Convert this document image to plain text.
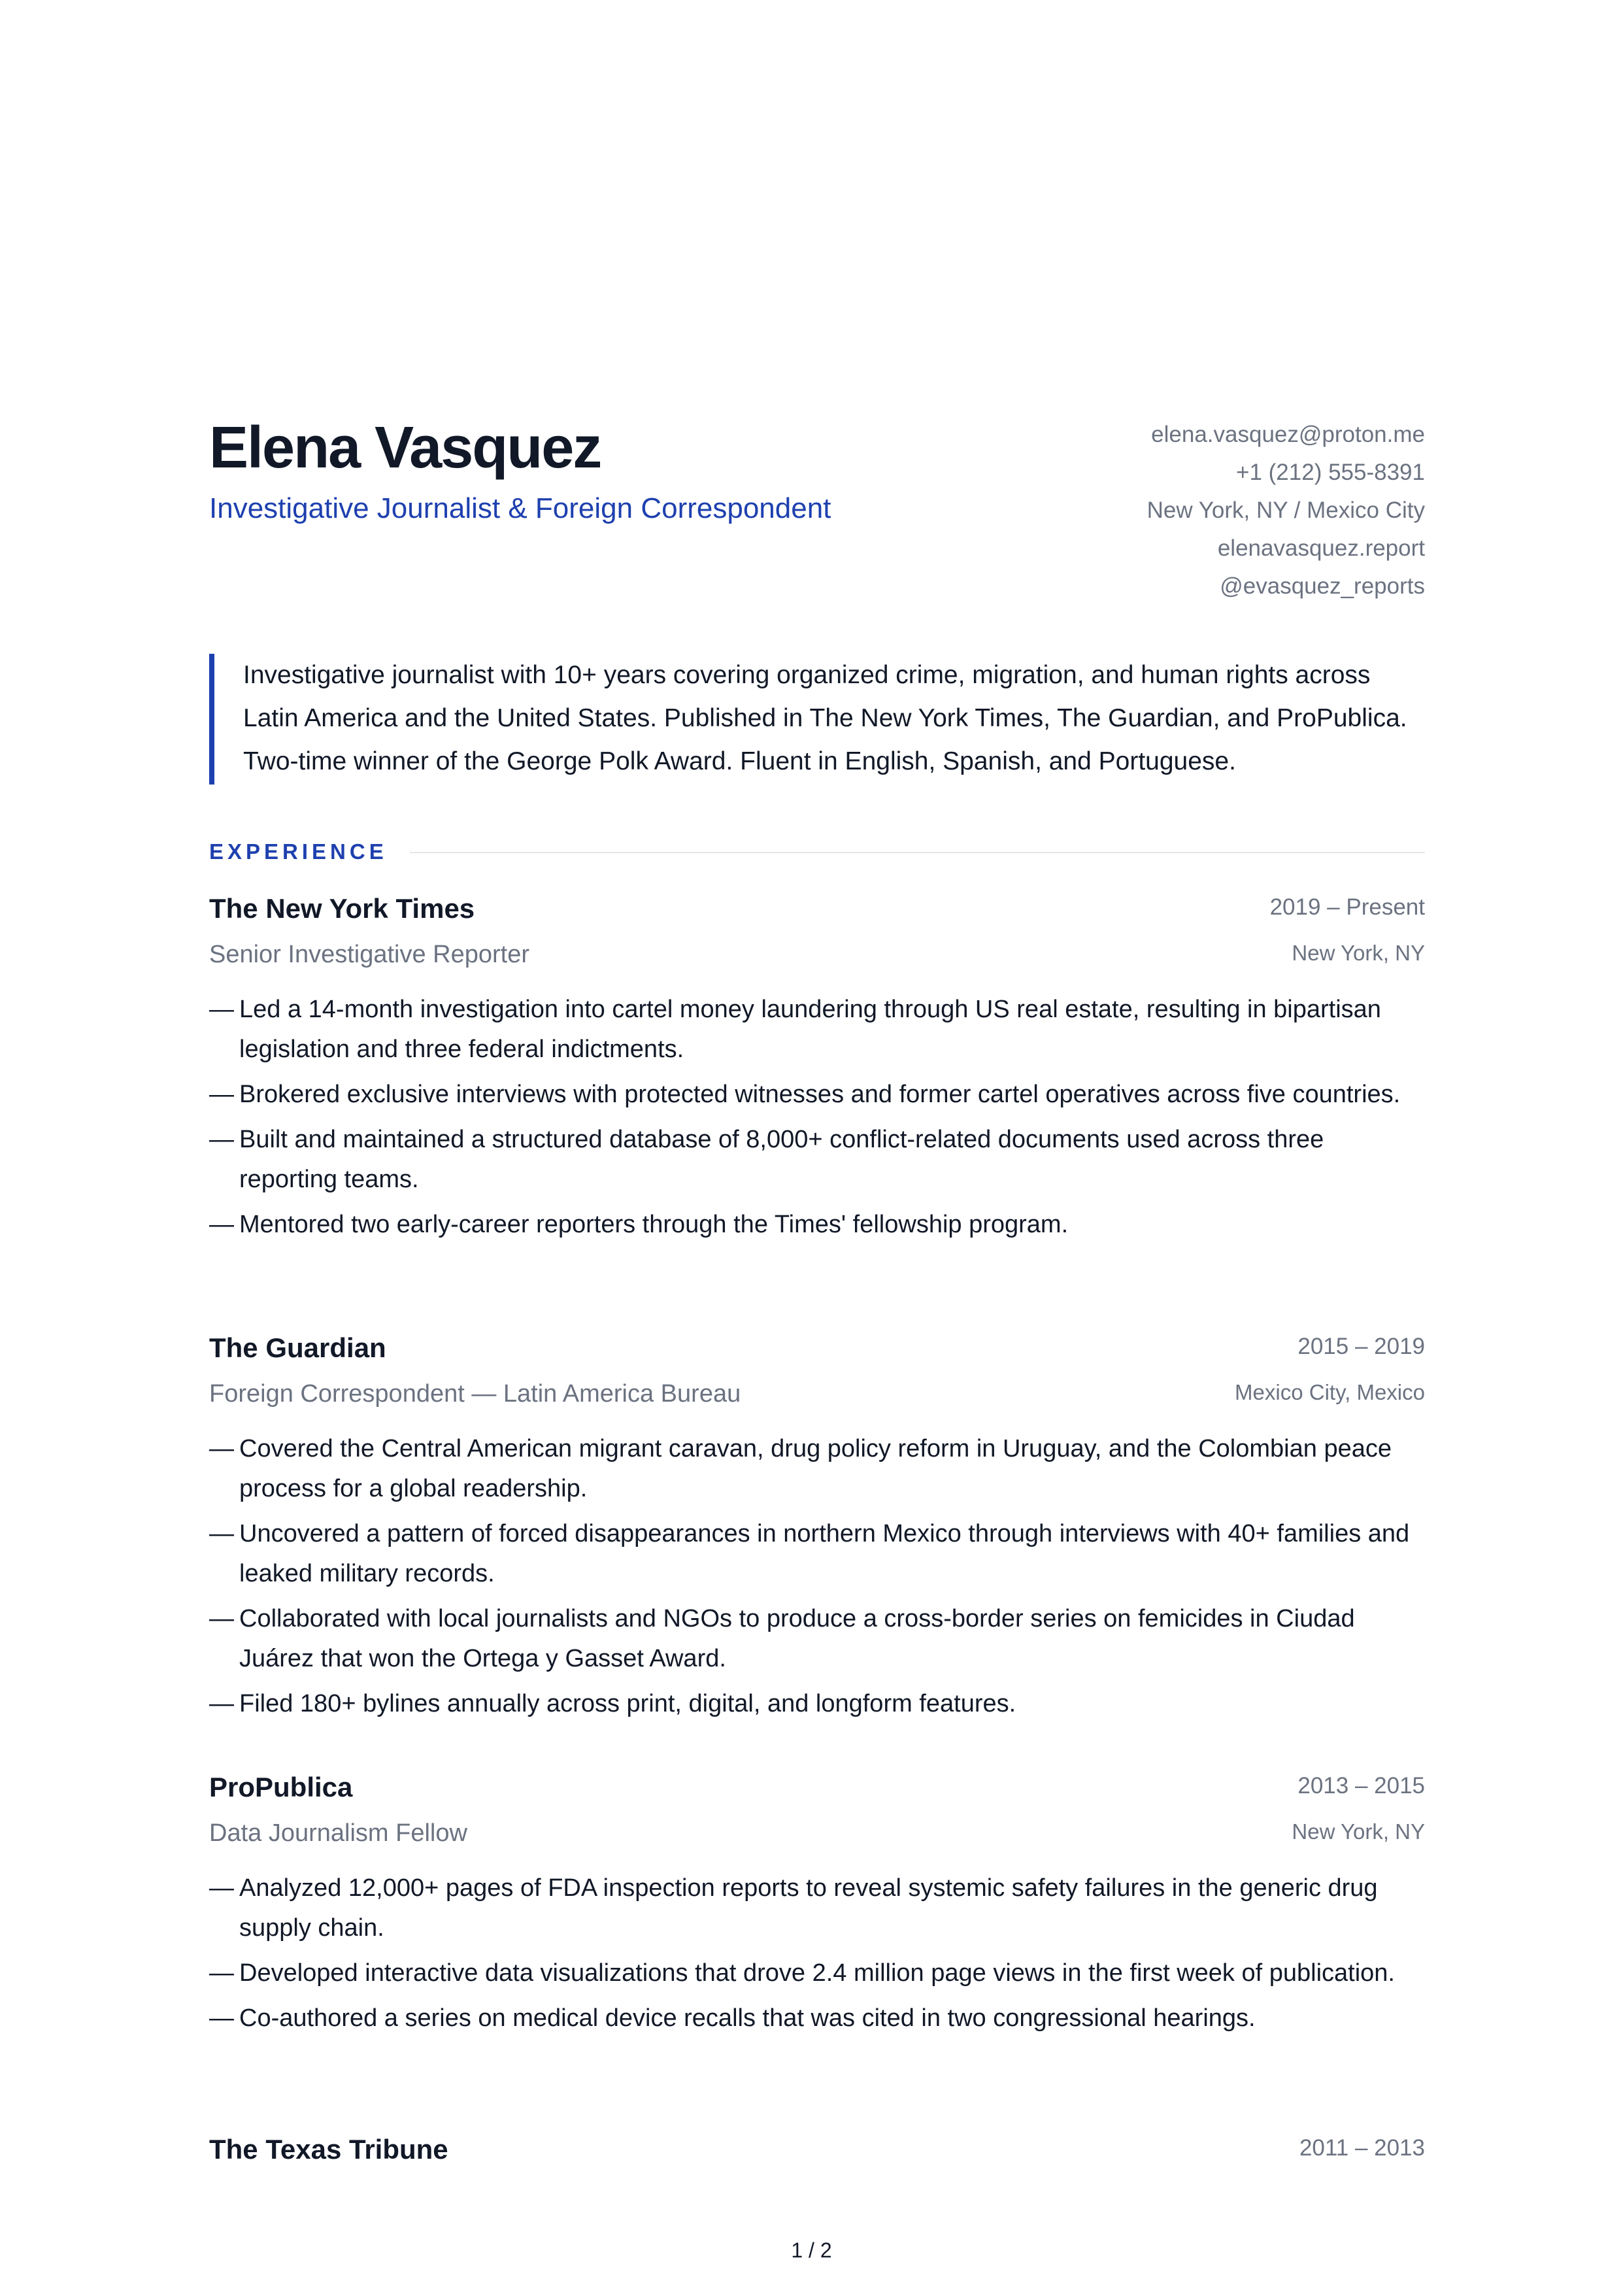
Elena Vasquez
Investigative Journalist & Foreign Correspondent
elena.vasquez@proton.me
+1 (212) 555-8391
New York, NY / Mexico City
elenavasquez.report
@evasquez_reports
Investigative journalist with 10+ years covering organized crime, migration, and human rights across Latin America and the United States. Published in The New York Times, The Guardian, and ProPublica. Two-time winner of the George Polk Award. Fluent in English, Spanish, and Portuguese.
EXPERIENCE
The New York Times	2019 – Present
Senior Investigative Reporter	New York, NY
— Led a 14-month investigation into cartel money laundering through US real estate, resulting in bipartisan legislation and three federal indictments.
— Brokered exclusive interviews with protected witnesses and former cartel operatives across five countries.
— Built and maintained a structured database of 8,000+ conflict-related documents used across three reporting teams.
— Mentored two early-career reporters through the Times' fellowship program.
The Guardian	2015 – 2019
Foreign Correspondent — Latin America Bureau	Mexico City, Mexico
— Covered the Central American migrant caravan, drug policy reform in Uruguay, and the Colombian peace process for a global readership.
— Uncovered a pattern of forced disappearances in northern Mexico through interviews with 40+ families and leaked military records.
— Collaborated with local journalists and NGOs to produce a cross-border series on femicides in Ciudad Juárez that won the Ortega y Gasset Award.
— Filed 180+ bylines annually across print, digital, and longform features.
ProPublica	2013 – 2015
Data Journalism Fellow	New York, NY
— Analyzed 12,000+ pages of FDA inspection reports to reveal systemic safety failures in the generic drug supply chain.
— Developed interactive data visualizations that drove 2.4 million page views in the first week of publication.
— Co-authored a series on medical device recalls that was cited in two congressional hearings.
The Texas Tribune	2011 – 2013
1 / 2
